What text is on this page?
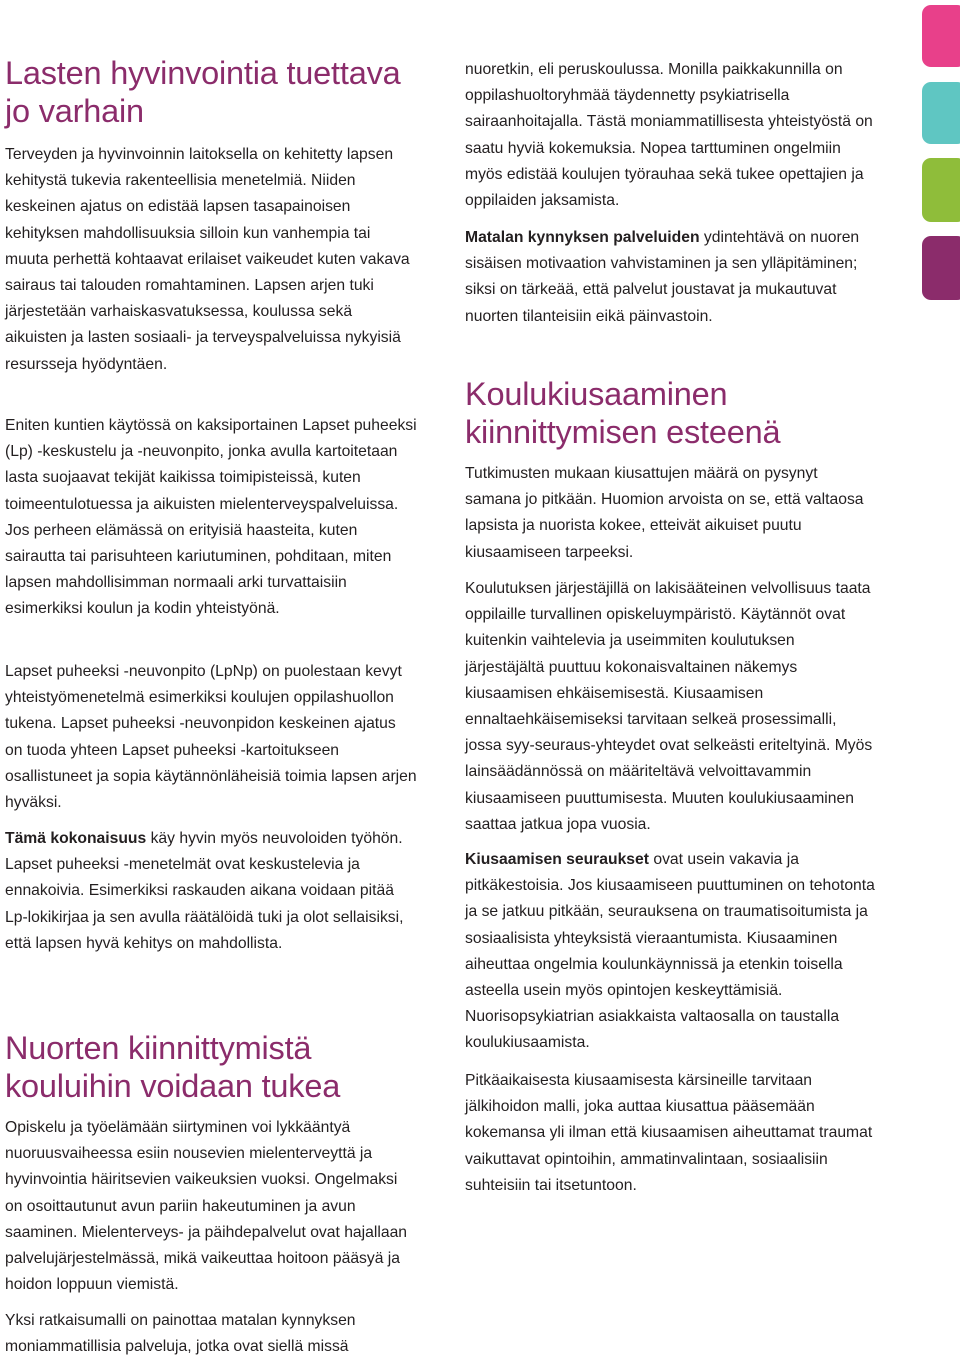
Lasten hyvinvointia tuettava jo varhain

Terveyden ja hyvinvoinnin laitoksella on kehitetty lapsen kehitystä tukevia rakenteellisia menetelmiä. Niiden keskeinen ajatus on edistää lapsen tasapainoisen kehityksen mahdollisuuksia silloin kun vanhempia tai muuta perhettä kohtaavat erilaiset vaikeudet kuten vakava sairaus tai talouden romahtaminen. Lapsen arjen tuki järjestetään varhaiskasvatuksessa, koulussa sekä aikuisten ja lasten sosiaali- ja terveyspalveluissa nykyisiä resursseja hyödyntäen.

Eniten kuntien käytössä on kaksiportainen Lapset puheeksi (Lp) -keskustelu ja -neuvonpito, jonka avulla kartoitetaan lasta suojaavat tekijät kaikissa toimipisteissä, kuten toimeentulotuessa ja aikuisten mielenterveyspalveluissa. Jos perheen elämässä on erityisiä haasteita, kuten sairautta tai parisuhteen kariutuminen, pohditaan, miten lapsen mahdollisimman normaali arki turvattaisiin esimerkiksi koulun ja kodin yhteistyönä.

Lapset puheeksi -neuvonpito (LpNp) on puolestaan kevyt yhteistyömenetelmä esimerkiksi koulujen oppilashuollon tukena. Lapset puheeksi -neuvonpidon keskeinen ajatus on tuoda yhteen Lapset puheeksi -kartoitukseen osallistuneet ja sopia käytännönläheisiä toimia lapsen arjen hyväksi.

Tämä kokonaisuus käy hyvin myös neuvoloiden työhön. Lapset puheeksi -menetelmät ovat keskustelevia ja ennakoivia. Esimerkiksi raskauden aikana voidaan pitää Lp-lokikirjaa ja sen avulla räätälöidä tuki ja olot sellaisiksi, että lapsen hyvä kehitys on mahdollista.

Nuorten kiinnittymistä kouluihin voidaan tukea

Opiskelu ja työelämään siirtyminen voi lykkääntyä nuoruusvaiheessa esiin nousevien mielenterveyttä ja hyvinvointia häiritsevien vaikeuksien vuoksi. Ongelmaksi on osoittautunut avun pariin hakeutuminen ja avun saaminen. Mielenterveys- ja päihdepalvelut ovat hajallaan palvelujärjestelmässä, mikä vaikeuttaa hoitoon pääsyä ja hoidon loppuun viemistä.

Yksi ratkaisumalli on painottaa matalan kynnyksen moniammatillisia palveluja, jotka ovat siellä missä

nuoretkin, eli peruskoulussa. Monilla paikkakunnilla on oppilashuoltoryhmää täydennetty psykiatrisella sairaanhoitajalla. Tästä moniammatillisesta yhteistyöstä on saatu hyviä kokemuksia. Nopea tarttuminen ongelmiin myös edistää koulujen työrauhaa sekä tukee opettajien ja oppilaiden jaksamista.

Matalan kynnyksen palveluiden ydintehtävä on nuoren sisäisen motivaation vahvistaminen ja sen ylläpitäminen; siksi on tärkeää, että palvelut joustavat ja mukautuvat nuorten tilanteisiin eikä päinvastoin.

Koulukiusaaminen kiinnittymisen esteenä

Tutkimusten mukaan kiusattujen määrä on pysynyt samana jo pitkään. Huomion arvoista on se, että valtaosa lapsista ja nuorista kokee, etteivät aikuiset puutu kiusaamiseen tarpeeksi.

Koulutuksen järjestäjillä on lakisääteinen velvollisuus taata oppilaille turvallinen opiskeluympäristö. Käytännöt ovat kuitenkin vaihtelevia ja useimmiten koulutuksen järjestäjältä puuttuu kokonaisvaltainen näkemys kiusaamisen ehkäisemisestä. Kiusaamisen ennaltaehkäisemiseksi tarvitaan selkeä prosessimalli, jossa syy-seuraus-yhteydet ovat selkeästi eriteltyinä. Myös lainsäädännössä on määriteltävä velvoittavammin kiusaamiseen puuttumisesta. Muuten koulukiusaaminen saattaa jatkua jopa vuosia.

Kiusaamisen seuraukset ovat usein vakavia ja pitkäkestoisia. Jos kiusaamiseen puuttuminen on tehotonta ja se jatkuu pitkään, seurauksena on traumatisoitumista ja sosiaalisista yhteyksistä vieraantumista. Kiusaaminen aiheuttaa ongelmia koulunkäynnissä ja etenkin toisella asteella usein myös opintojen keskeyttämisiä. Nuorisopsykiatrian asiakkaista valtaosalla on taustalla koulukiusaamista.

Pitkäaikaisesta kiusaamisesta kärsineille tarvitaan jälkihoidon malli, joka auttaa kiusattua pääsemään kokemansa yli ilman että kiusaamisen aiheuttamat traumat vaikuttavat opintoihin, ammatinvalintaan, sosiaalisiin suhteisiin tai itsetuntoon.
